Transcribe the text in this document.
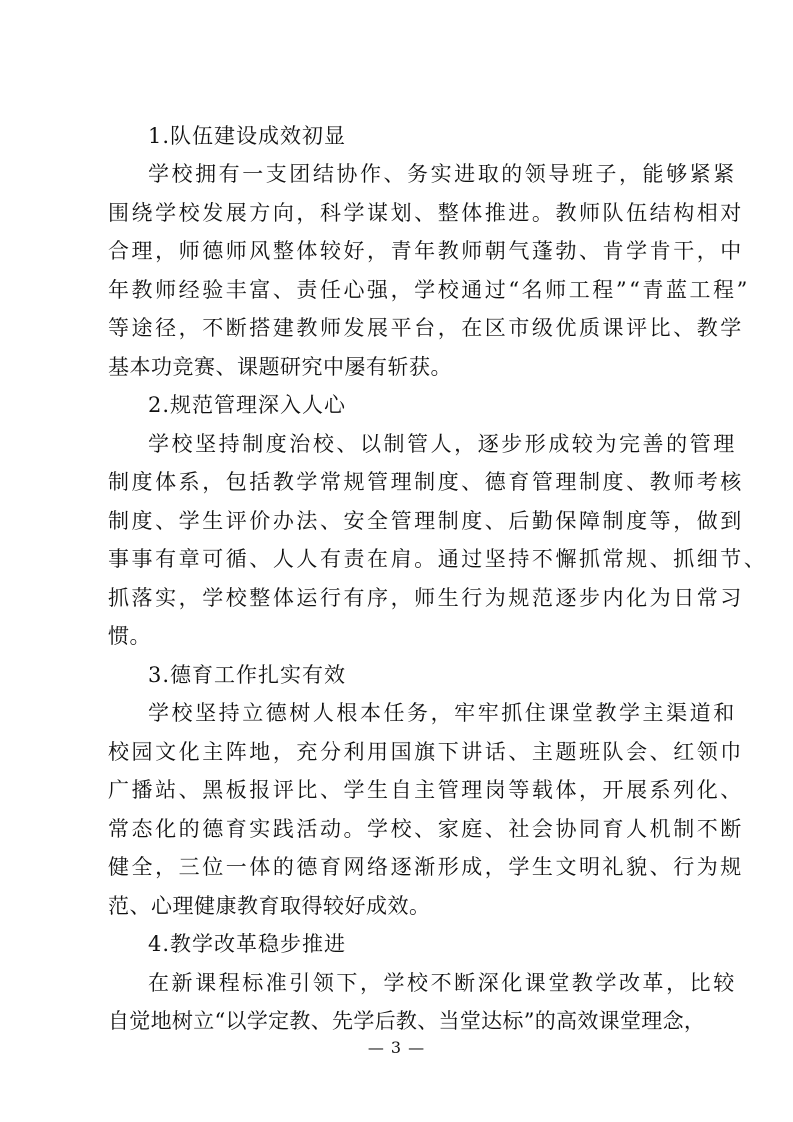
1.队伍建设成效初显
学校拥有一支团结协作、务实进取的领导班子，能够紧紧
围绕学校发展方向，科学谋划、整体推进。教师队伍结构相对
合理，师德师风整体较好，青年教师朝气蓬勃、肯学肯干，中
年教师经验丰富、责任心强，学校通过“名师工程”“青蓝工程”
等途径，不断搭建教师发展平台，在区市级优质课评比、教学
基本功竞赛、课题研究中屡有斩获。
2.规范管理深入人心
学校坚持制度治校、以制管人，逐步形成较为完善的管理
制度体系，包括教学常规管理制度、德育管理制度、教师考核
制度、学生评价办法、安全管理制度、后勤保障制度等，做到
事事有章可循、人人有责在肩。通过坚持不懈抓常规、抓细节、
抓落实，学校整体运行有序，师生行为规范逐步内化为日常习
惯。
3.德育工作扎实有效
学校坚持立德树人根本任务，牢牢抓住课堂教学主渠道和
校园文化主阵地，充分利用国旗下讲话、主题班队会、红领巾
广播站、黑板报评比、学生自主管理岗等载体，开展系列化、
常态化的德育实践活动。学校、家庭、社会协同育人机制不断
健全，三位一体的德育网络逐渐形成，学生文明礼貌、行为规
范、心理健康教育取得较好成效。
4.教学改革稳步推进
在新课程标准引领下，学校不断深化课堂教学改革，比较
自觉地树立“以学定教、先学后教、当堂达标”的高效课堂理念，
— 3 —
